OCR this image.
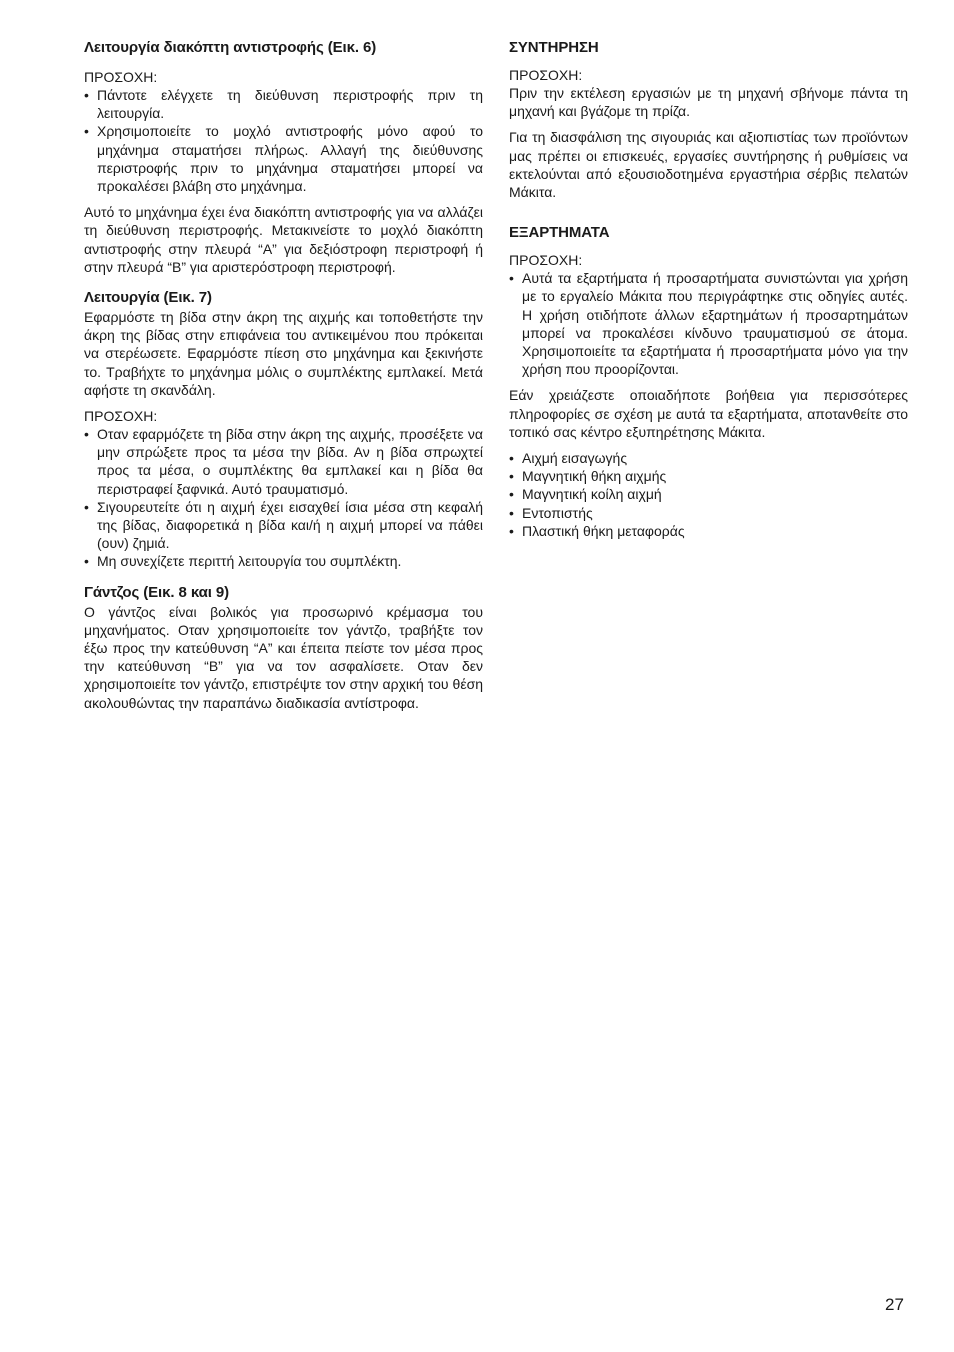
Λειτουργία διακόπτη αντιστροφής (Εικ. 6)

ΠΡΟΣΟΧΗ:

• Πάντοτε ελέγχετε τη διεύθυνση περιστροφής πριν τη λειτουργία.
• Χρησιμοποιείτε το μοχλό αντιστροφής μόνο αφού το μηχάνημα σταματήσει πλήρως. Αλλαγή της διεύθυνσης περιστροφής πριν το μηχάνημα σταματήσει μπορεί να προκαλέσει βλάβη στο μηχάνημα.

Αυτό το μηχάνημα έχει ένα διακόπτη αντιστροφής για να αλλάζει τη διεύθυνση περιστροφής. Μετακινείστε το μοχλό διακόπτη αντιστροφής στην πλευρά “A” για δεξιόστροφη περιστροφή ή στην πλευρά “B” για αριστερόστροφη περιστροφή.

Λειτουργία (Εικ. 7)

Εφαρμόστε τη βίδα στην άκρη της αιχμής και τοποθετήστε την άκρη της βίδας στην επιφάνεια του αντικειμένου που πρόκειται να στερέωσετε. Εφαρμόστε πίεση στο μηχάνημα και ξεκινήστε το. Τραβήχτε το μηχάνημα μόλις ο συμπλέκτης εμπλακεί. Μετά αφήστε τη σκανδάλη.

ΠΡΟΣΟΧΗ:

• Οταν εφαρμόζετε τη βίδα στην άκρη της αιχμής, προσέξετε να μην σπρώξετε προς τα μέσα την βίδα. Αν η βίδα σπρωχτεί προς τα μέσα, ο συμπλέκτης θα εμπλακεί και η βίδα θα περιστραφεί ξαφνικά. Αυτό τραυματισμό.
• Σιγουρευτείτε ότι η αιχμή έχει εισαχθεί ίσια μέσα στη κεφαλή της βίδας, διαφορετικά η βίδα και/ή η αιχμή μπορεί να πάθει (ουν) ζημιά.
• Μη συνεχίζετε περιττή λειτουργία του συμπλέκτη.
Γάντζος (Εικ. 8 και 9)

Ο γάντζος είναι βολικός για προσωρινό κρέμασμα του μηχανήματος. Οταν χρησιμοποιείτε τον γάντζο, τραβήξτε τον έξω προς την κατεύθυνση “A” και έπειτα πείστε τον μέσα προς την κατεύθυνση “B” για να τον ασφαλίσετε. Οταν δεν χρησιμοποιείτε τον γάντζο, επιστρέψτε τον στην αρχική του θέση ακολουθώντας την παραπάνω διαδικασία αντίστροφα.

ΣΥΝΤΗΡΗΣΗ

ΠΡΟΣΟΧΗ:

Πριν την εκτέλεση εργασιών με τη μηχανή σβήνομε πάντα τη μηχανή και βγάζομε τη πρίζα.

Για τη διασφάλιση της σιγουριάς και αξιοπιστίας των προϊόντων μας πρέπει οι επισκευές, εργασίες συντήρησης ή ρυθμίσεις να εκτελούνται από εξουσιοδοτημένα εργαστήρια σέρβις πελατών Μάκιτα.

ΕΞΑΡΤΗΜΑΤΑ

ΠΡΟΣΟΧΗ:

• Αυτά τα εξαρτήματα ή προσαρτήματα συνιστώνται για χρήση με το εργαλείο Μάκιτα που περιγράφτηκε στις οδηγίες αυτές. Η χρήση οτιδήποτε άλλων εξαρτημάτων ή προσαρτημάτων μπορεί να προκαλέσει κίνδυνο τραυματισμού σε άτομα. Χρησιμοποιείτε τα εξαρτήματα ή προσαρτήματα μόνο για την χρήση που προορίζονται.

Εάν χρειάζεστε οποιαδήποτε βοήθεια για περισσότερες πληροφορίες σε σχέση με αυτά τα εξαρτήματα, αποτανθείτε στο τοπικό σας κέντρο εξυπηρέτησης Μάκιτα.

• Αιχμή εισαγωγής
• Μαγνητική θήκη αιχμής
• Μαγνητική κοίλη αιχμή
• Εντοπιστής
• Πλαστική θήκη μεταφοράς
27
